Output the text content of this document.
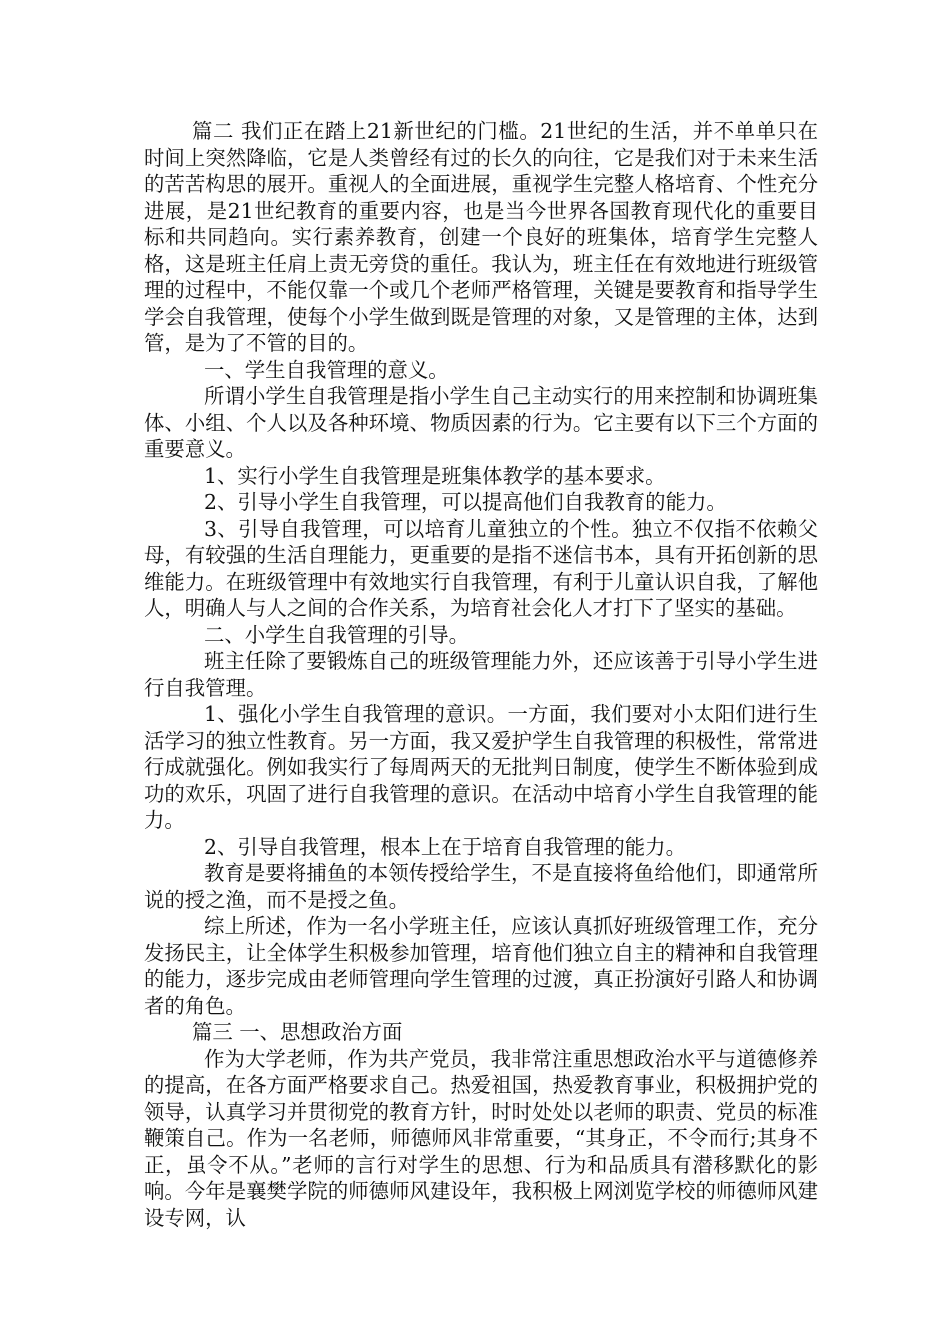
篇二 我们正在踏上21新世纪的门槛。21世纪的生活，并不单单只在时间上突然降临，它是人类曾经有过的长久的向往，它是我们对于未来生活的苦苦构思的展开。重视人的全面进展，重视学生完整人格培育、个性充分进展，是21世纪教育的重要内容，也是当今世界各国教育现代化的重要目标和共同趋向。实行素养教育，创建一个良好的班集体，培育学生完整人格，这是班主任肩上责无旁贷的重任。我认为，班主任在有效地进行班级管理的过程中，不能仅靠一个或几个老师严格管理，关键是要教育和指导学生学会自我管理，使每个小学生做到既是管理的对象，又是管理的主体，达到管，是为了不管的目的。

一、学生自我管理的意义。

所谓小学生自我管理是指小学生自己主动实行的用来控制和协调班集体、小组、个人以及各种环境、物质因素的行为。它主要有以下三个方面的重要意义。

1、实行小学生自我管理是班集体教学的基本要求。

2、引导小学生自我管理，可以提高他们自我教育的能力。

3、引导自我管理，可以培育儿童独立的个性。独立不仅指不依赖父母，有较强的生活自理能力，更重要的是指不迷信书本，具有开拓创新的思维能力。在班级管理中有效地实行自我管理，有利于儿童认识自我，了解他人，明确人与人之间的合作关系，为培育社会化人才打下了坚实的基础。

二、小学生自我管理的引导。

班主任除了要锻炼自己的班级管理能力外，还应该善于引导小学生进行自我管理。

1、强化小学生自我管理的意识。一方面，我们要对小太阳们进行生活学习的独立性教育。另一方面，我又爱护学生自我管理的积极性，常常进行成就强化。例如我实行了每周两天的无批判日制度，使学生不断体验到成功的欢乐，巩固了进行自我管理的意识。在活动中培育小学生自我管理的能力。

2、引导自我管理，根本上在于培育自我管理的能力。

教育是要将捕鱼的本领传授给学生，不是直接将鱼给他们，即通常所说的授之渔，而不是授之鱼。

综上所述，作为一名小学班主任，应该认真抓好班级管理工作，充分发扬民主，让全体学生积极参加管理，培育他们独立自主的精神和自我管理的能力，逐步完成由老师管理向学生管理的过渡，真正扮演好引路人和协调者的角色。

篇三 一、思想政治方面

作为大学老师，作为共产党员，我非常注重思想政治水平与道德修养的提高，在各方面严格要求自己。热爱祖国，热爱教育事业，积极拥护党的领导，认真学习并贯彻党的教育方针，时时处处以老师的职责、党员的标准鞭策自己。作为一名老师，师德师风非常重要，“其身正，不令而行;其身不正，虽令不从。”老师的言行对学生的思想、行为和品质具有潜移默化的影响。今年是襄樊学院的师德师风建设年，我积极上网浏览学校的师德师风建设专网，认
